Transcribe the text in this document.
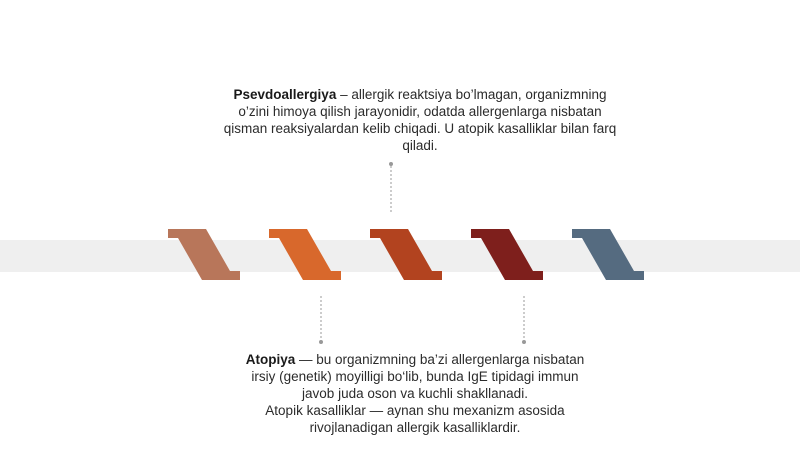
Psevdoallergiya – allergik reaktsiya bo’lmagan, organizmning
o’zini himoya qilish jarayonidir, odatda allergenlarga nisbatan
qisman reaksiyalardan kelib chiqadi. U atopik kasalliklar bilan farq
qiladi.
Atopiya — bu organizmning ba’zi allergenlarga nisbatan
irsiy (genetik) moyilligi bo‘lib, bunda IgE tipidagi immun
javob juda oson va kuchli shakllanadi.
Atopik kasalliklar — aynan shu mexanizm asosida
rivojlanadigan allergik kasalliklardir.
